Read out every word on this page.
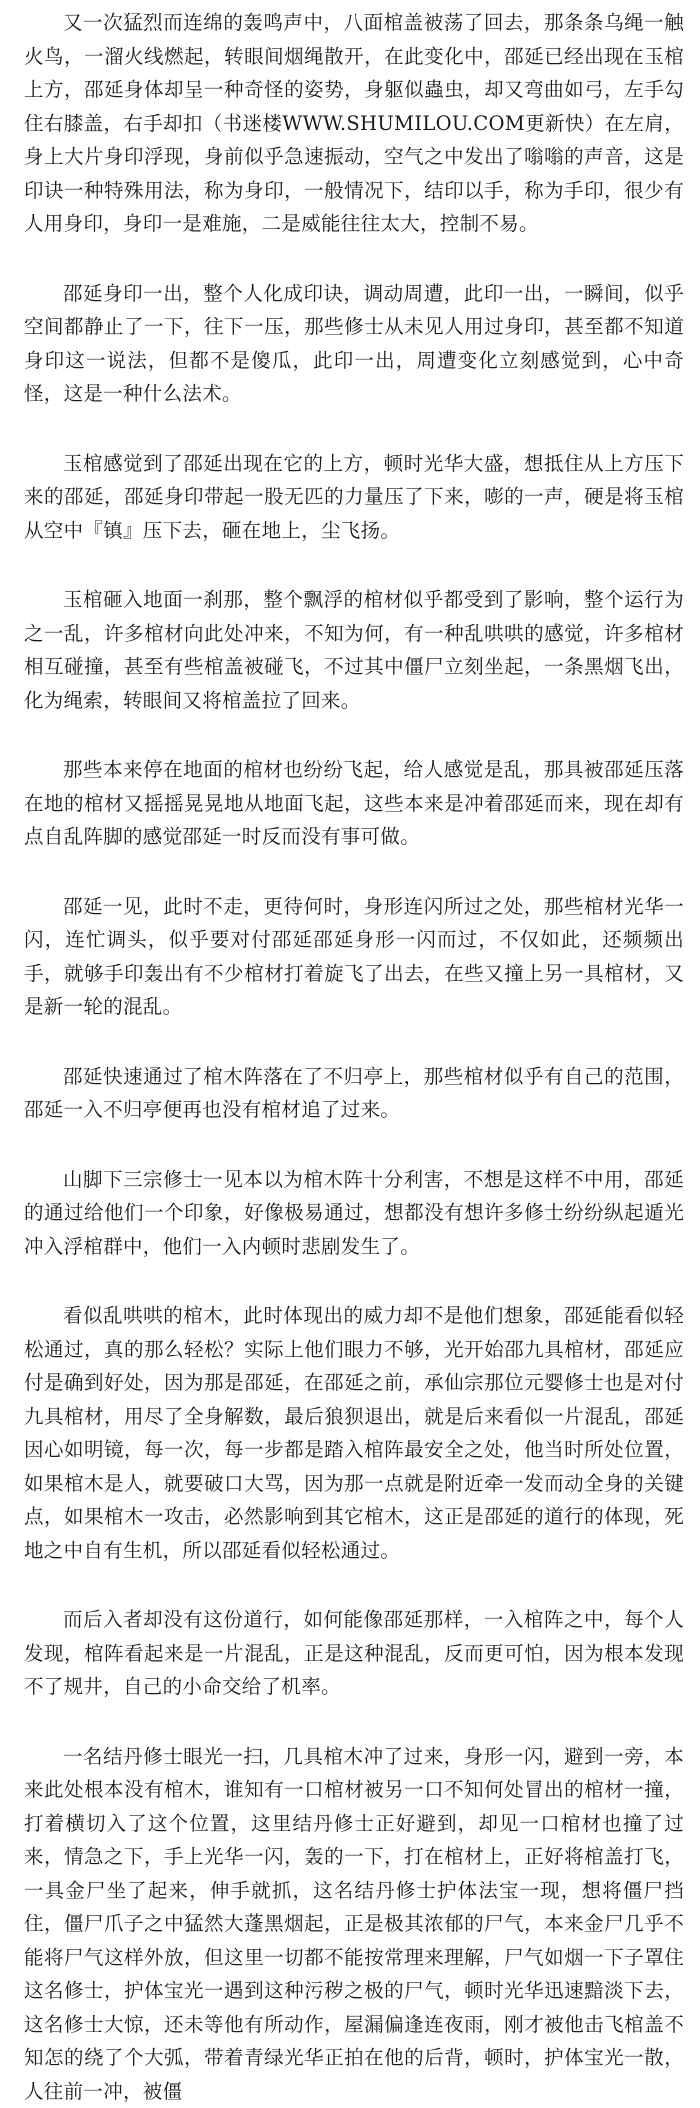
又一次猛烈而连绵的轰鸣声中，八面棺盖被荡了回去，那条条乌绳一触火鸟，一溜火线燃起，转眼间烟绳散开，在此变化中，邵延已经出现在玉棺上方，邵延身体却呈一种奇怪的姿势，身躯似蟲虫，却又弯曲如弓，左手勾住右膝盖，右手却扣（书迷楼WWW.SHUMILOU.COM更新快）在左肩，身上大片身印浮现，身前似乎急速振动，空气之中发出了嗡嗡的声音，这是印诀一种特殊用法，称为身印，一般情况下，结印以手，称为手印，很少有人用身印，身印一是难施，二是威能往往太大，控制不易。

邵延身印一出，整个人化成印诀，调动周遭，此印一出，一瞬间，似乎空间都静止了一下，往下一压，那些修士从未见人用过身印，甚至都不知道身印这一说法，但都不是傻瓜，此印一出，周遭变化立刻感觉到，心中奇怪，这是一种什么法术。

玉棺感觉到了邵延出现在它的上方，顿时光华大盛，想抵住从上方压下来的邵延，邵延身印带起一股无匹的力量压了下来，嘭的一声，硬是将玉棺从空中『镇』压下去，砸在地上，尘飞扬。

玉棺砸入地面一刹那，整个飘浮的棺材似乎都受到了影响，整个运行为之一乱，许多棺材向此处冲来，不知为何，有一种乱哄哄的感觉，许多棺材相互碰撞，甚至有些棺盖被碰飞，不过其中僵尸立刻坐起，一条黑烟飞出，化为绳索，转眼间又将棺盖拉了回来。

那些本来停在地面的棺材也纷纷飞起，给人感觉是乱，那具被邵延压落在地的棺材又摇摇晃晃地从地面飞起，这些本来是冲着邵延而来，现在却有点自乱阵脚的感觉邵延一时反而没有事可做。

邵延一见，此时不走，更待何时，身形连闪所过之处，那些棺材光华一闪，连忙调头，似乎要对付邵延邵延身形一闪而过，不仅如此，还频频出手，就够手印轰出有不少棺材打着旋飞了出去，在些又撞上另一具棺材，又是新一轮的混乱。

邵延快速通过了棺木阵落在了不归亭上，那些棺材似乎有自己的范围，邵延一入不归亭便再也没有棺材追了过来。

山脚下三宗修士一见本以为棺木阵十分利害，不想是这样不中用，邵延的通过给他们一个印象，好像极易通过，想都没有想许多修士纷纷纵起遁光冲入浮棺群中，他们一入内顿时悲剧发生了。

看似乱哄哄的棺木，此时体现出的威力却不是他们想象，邵延能看似轻松通过，真的那么轻松？实际上他们眼力不够，光开始邵九具棺材，邵延应付是确到好处，因为那是邵延，在邵延之前，承仙宗那位元婴修士也是对付九具棺材，用尽了全身解数，最后狼狈退出，就是后来看似一片混乱，邵延因心如明镜，每一次，每一步都是踏入棺阵最安全之处，他当时所处位置，如果棺木是人，就要破口大骂，因为那一点就是附近牵一发而动全身的关键点，如果棺木一攻击，必然影响到其它棺木，这正是邵延的道行的体现，死地之中自有生机，所以邵延看似轻松通过。

而后入者却没有这份道行，如何能像邵延那样，一入棺阵之中，每个人发现，棺阵看起来是一片混乱，正是这种混乱，反而更可怕，因为根本发现不了规井，自己的小命交给了机率。

一名结丹修士眼光一扫，几具棺木冲了过来，身形一闪，避到一旁，本来此处根本没有棺木，谁知有一口棺材被另一口不知何处冒出的棺材一撞，打着横切入了这个位置，这里结丹修士正好避到，却见一口棺材也撞了过来，情急之下，手上光华一闪，轰的一下，打在棺材上，正好将棺盖打飞，一具金尸坐了起来，伸手就抓，这名结丹修士护体法宝一现，想将僵尸挡住，僵尸爪子之中猛然大蓬黑烟起，正是极其浓郁的尸气，本来金尸几乎不能将尸气这样外放，但这里一切都不能按常理来理解，尸气如烟一下子罩住这名修士，护体宝光一遇到这种污秽之极的尸气，顿时光华迅速黯淡下去，这名修士大惊，还未等他有所动作，屋漏偏逢连夜雨，刚才被他击飞棺盖不知怎的绕了个大弧，带着青绿光华正拍在他的后背，顿时，护体宝光一散，人往前一冲，被僵
